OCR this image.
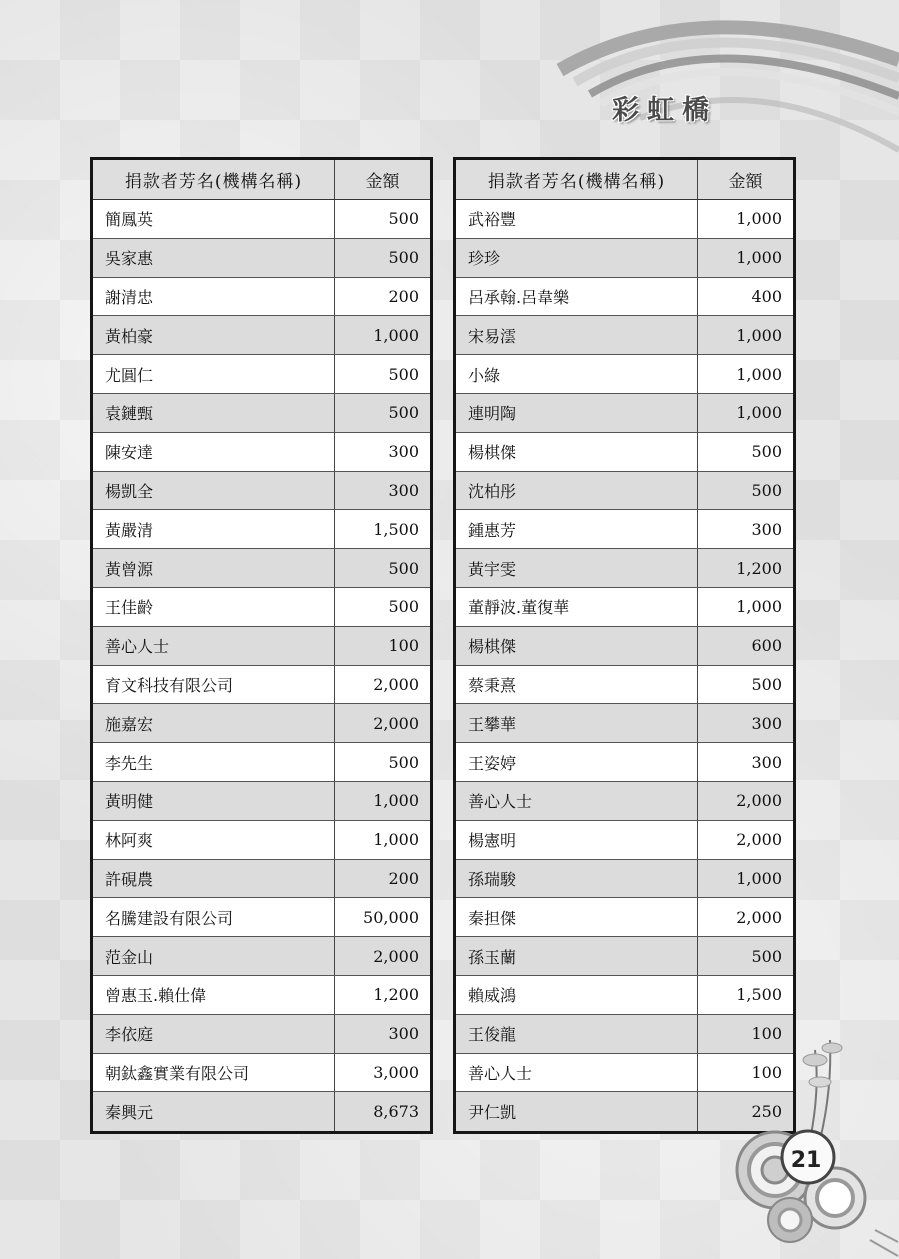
彩虹橋
捐款者芳名(機構名稱)	金額
簡鳳英	500
吳家惠	500
謝清忠	200
黃柏豪	1,000
尤圓仁	500
袁鏈甄	500
陳安達	300
楊凱全	300
黃嚴清	1,500
黃曾源	500
王佳齡	500
善心人士	100
育文科技有限公司	2,000
施嘉宏	2,000
李先生	500
黃明健	1,000
林阿爽	1,000
許硯農	200
名騰建設有限公司	50,000
范金山	2,000
曾惠玉.賴仕偉	1,200
李依庭	300
朝鈦鑫實業有限公司	3,000
秦興元	8,673
捐款者芳名(機構名稱)	金額
武裕豐	1,000
珍珍	1,000
呂承翰.呂韋樂	400
宋易澐	1,000
小綠	1,000
連明陶	1,000
楊棋傑	500
沈柏彤	500
鍾惠芳	300
黃宇雯	1,200
董靜波.董復華	1,000
楊棋傑	600
蔡秉熹	500
王攀華	300
王姿婷	300
善心人士	2,000
楊憲明	2,000
孫瑞駿	1,000
秦担傑	2,000
孫玉蘭	500
賴威鴻	1,500
王俊龍	100
善心人士	100
尹仁凱	250
21
